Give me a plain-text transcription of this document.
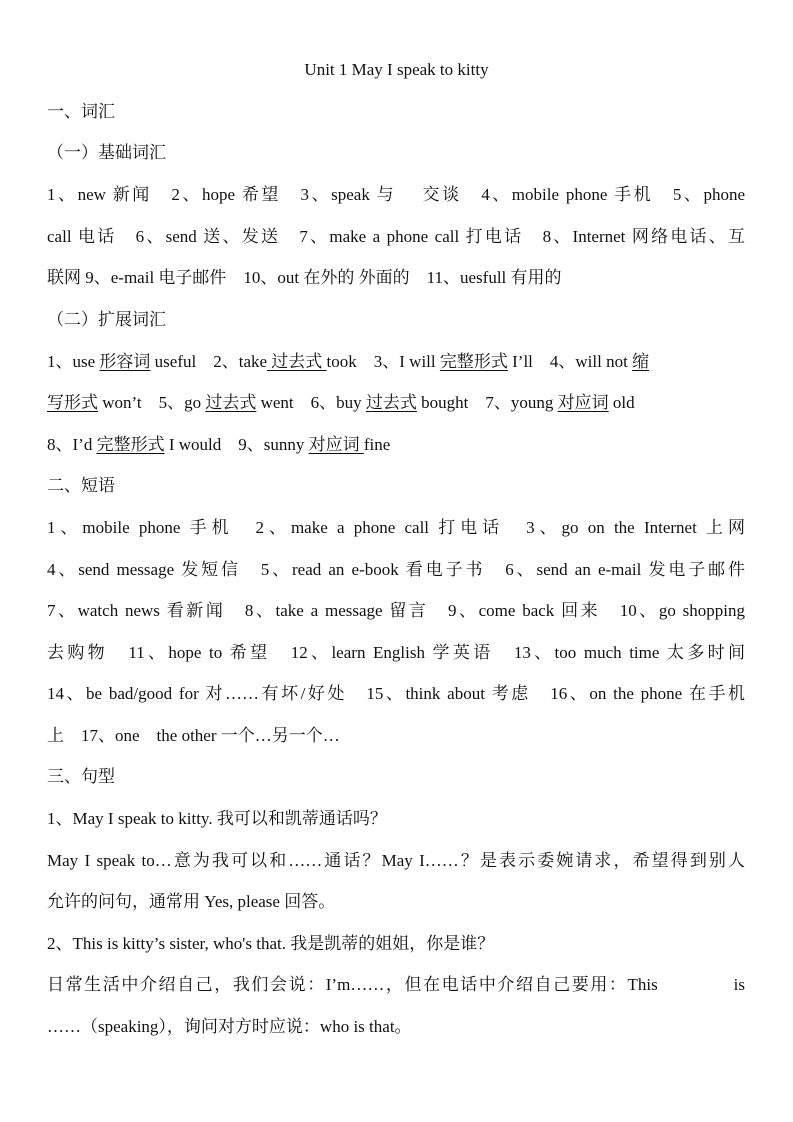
Unit 1 May I speak to kitty
一、词汇
（一）基础词汇
1、new 新闻　2、hope 希望　3、speak 与　 交谈　4、mobile phone 手机　5、phone
call 电话　6、send 送、发送　7、make a phone call 打电话　8、Internet 网络电话、互
联网 9、e-mail 电子邮件　10、out 在外的 外面的　11、uesfull 有用的
（二）扩展词汇
1、use 形容词 useful　2、take 过去式 took　3、I will 完整形式 I’ll　4、will not 缩
写形式 won’t　5、go 过去式 went　6、buy 过去式 bought　7、young 对应词 old
8、I’d 完整形式 I would　9、sunny 对应词 fine
二、短语
1、mobile phone 手机　2、make a phone call 打电话　3、go on the Internet 上网
4、send message 发短信　5、read an e-book 看电子书　6、send an e-mail 发电子邮件
7、watch news 看新闻　8、take a message 留言　9、come back 回来　10、go shopping
去购物　11、hope to 希望　12、learn English 学英语　13、too much time 太多时间
14、be bad/good for 对……有坏/好处　15、think about 考虑　16、on the phone 在手机
上　17、one　the other 一个…另一个…
三、句型
1、May I speak to kitty. 我可以和凯蒂通话吗？
May I speak to…意为我可以和……通话？May I……？是表示委婉请求，希望得到别人
允许的问句，通常用 Yes, please 回答。
2、This is kitty’s sister, who's that. 我是凯蒂的姐姐，你是谁？
日常生活中介绍自己，我们会说：I’m……，但在电话中介绍自己要用：This　　　　is
……（speaking），询问对方时应说：who is that。
